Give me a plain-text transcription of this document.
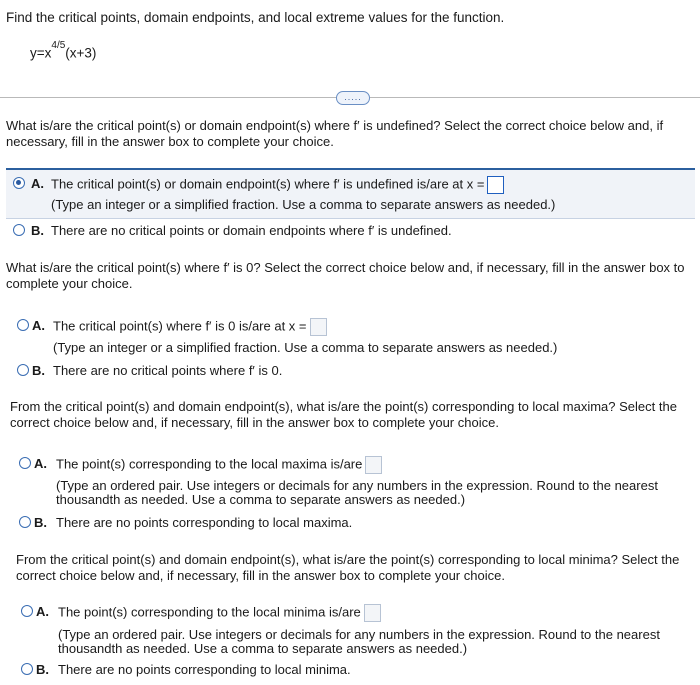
Find the critical points, domain endpoints, and local extreme values for the function.
$y=x^{4/5}(x+3)$
.....
What is/are the critical point(s) or domain endpoint(s) where f′ is undefined? Select the correct choice below and, if
necessary, fill in the answer box to complete your choice.
A. The critical point(s) or domain endpoint(s) where f′ is undefined is/are at x =
(Type an integer or a simplified fraction. Use a comma to separate answers as needed.)
B. There are no critical points or domain endpoints where f′ is undefined.
What is/are the critical point(s) where f′ is 0? Select the correct choice below and, if necessary, fill in the answer box to
complete your choice.
A. The critical point(s) where f′ is 0 is/are at x =
(Type an integer or a simplified fraction. Use a comma to separate answers as needed.)
B. There are no critical points where f′ is 0.
From the critical point(s) and domain endpoint(s), what is/are the point(s) corresponding to local maxima? Select the
correct choice below and, if necessary, fill in the answer box to complete your choice.
A. The point(s) corresponding to the local maxima is/are
(Type an ordered pair. Use integers or decimals for any numbers in the expression. Round to the nearest
thousandth as needed. Use a comma to separate answers as needed.)
B. There are no points corresponding to local maxima.
From the critical point(s) and domain endpoint(s), what is/are the point(s) corresponding to local minima? Select the
correct choice below and, if necessary, fill in the answer box to complete your choice.
A. The point(s) corresponding to the local minima is/are
(Type an ordered pair. Use integers or decimals for any numbers in the expression. Round to the nearest
thousandth as needed. Use a comma to separate answers as needed.)
B. There are no points corresponding to local minima.
